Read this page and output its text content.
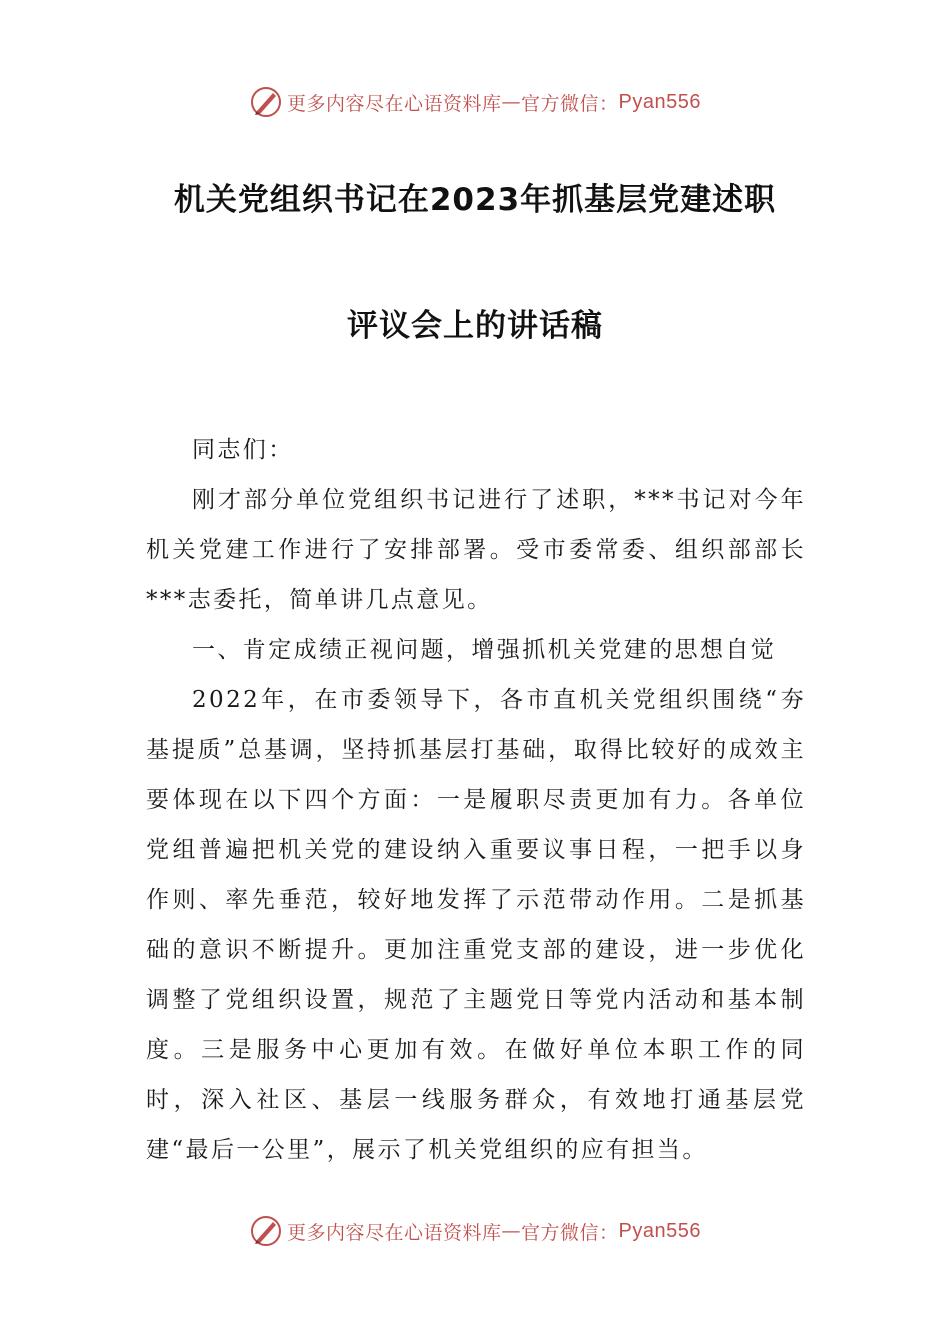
更多内容尽在心语资料库 — 官方微信： Pyan556
机关党组织书记在2023年抓基层党建述职
评议会上的讲话稿

同志们：

刚才部分单位党组织书记进行了述职，***书记对今年机关党建工作进行了安排部署。受市委常委、组织部部长***志委托，简单讲几点意见。

一、肯定成绩正视问题，增强抓机关党建的思想自觉

2022年，在市委领导下，各市直机关党组织围绕“夯基提质”总基调，坚持抓基层打基础，取得比较好的成效主要体现在以下四个方面：一是履职尽责更加有力。各单位党组普遍把机关党的建设纳入重要议事日程，一把手以身作则、率先垂范，较好地发挥了示范带动作用。二是抓基础的意识不断提升。更加注重党支部的建设，进一步优化调整了党组织设置，规范了主题党日等党内活动和基本制度。三是服务中心更加有效。在做好单位本职工作的同时，深入社区、基层一线服务群众，有效地打通基层党建“最后一公里”，展示了机关党组织的应有担当。

更多内容尽在心语资料库 — 官方微信： Pyan556
